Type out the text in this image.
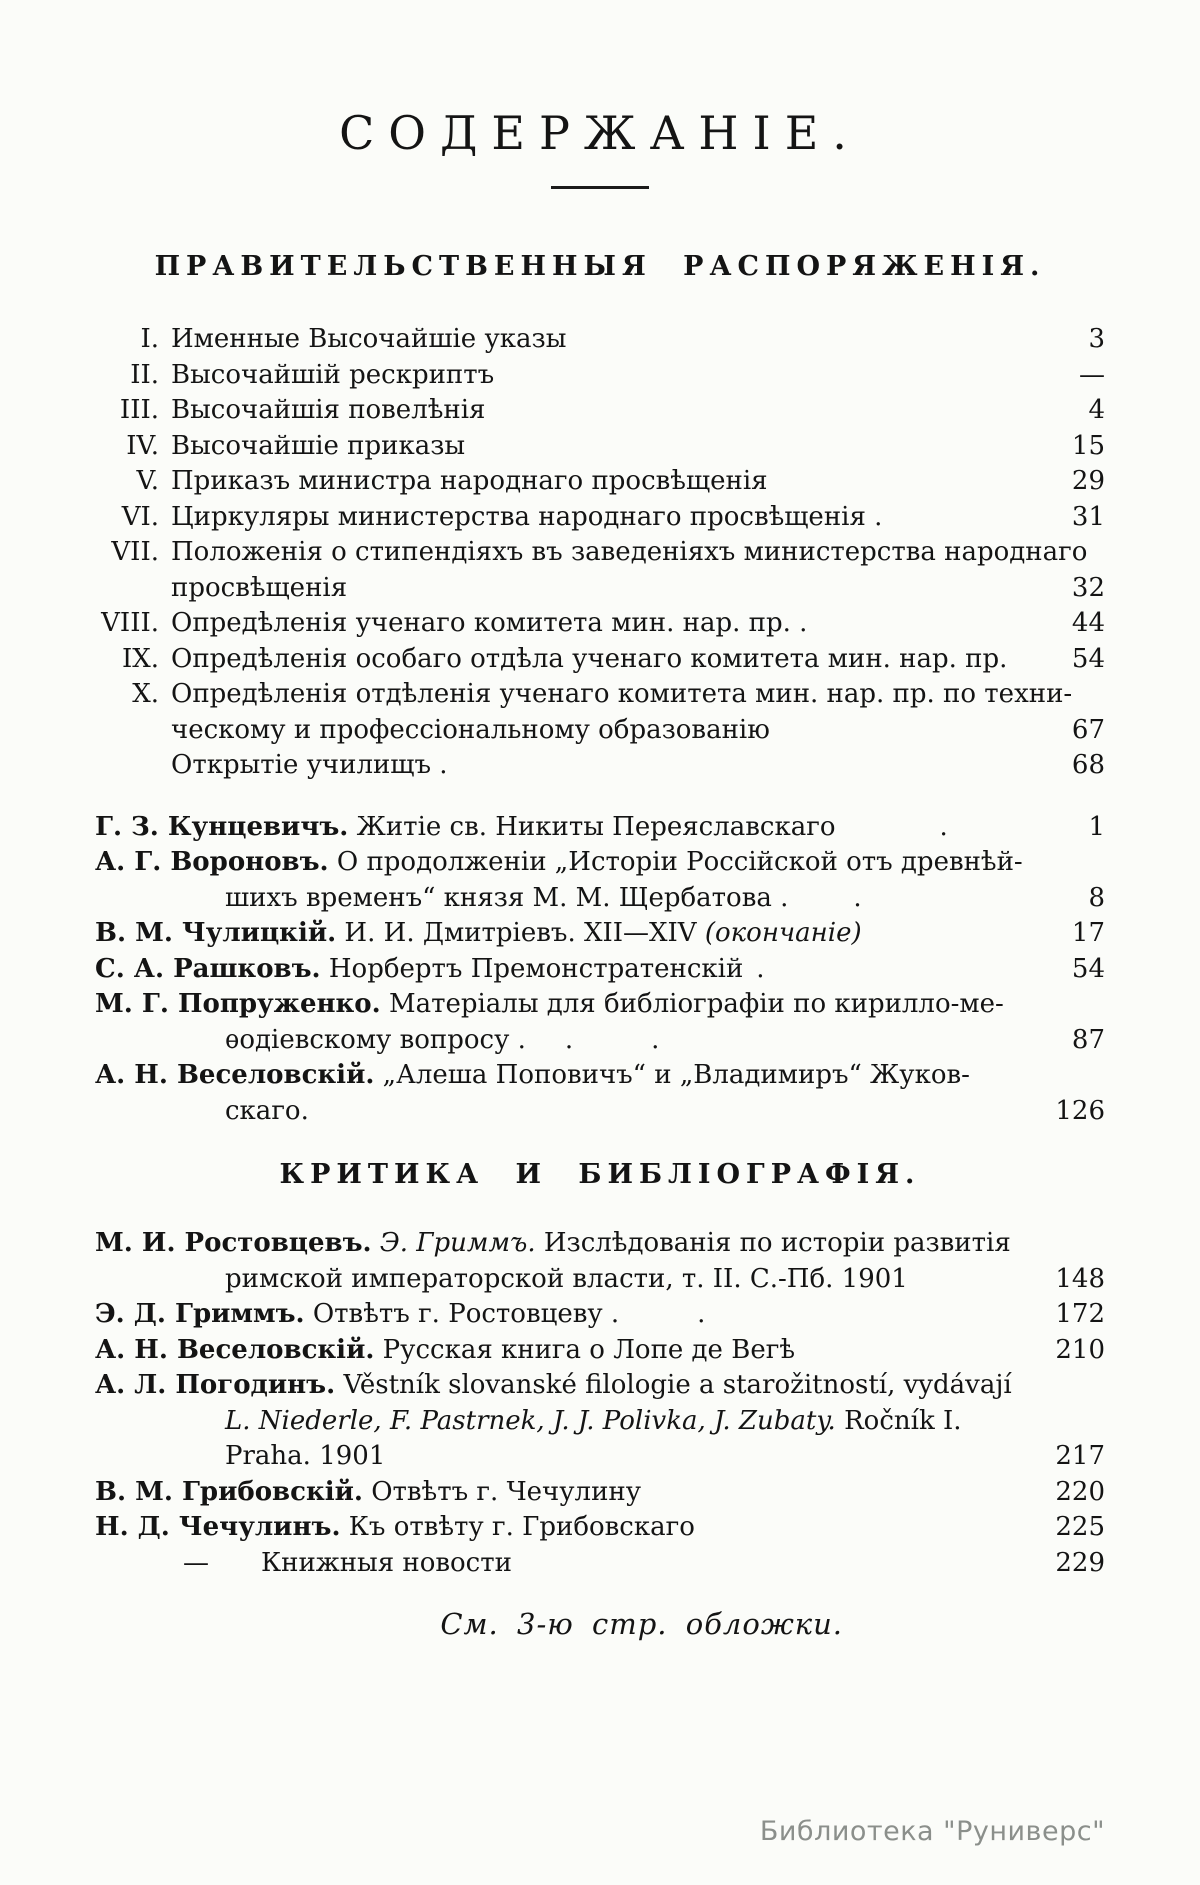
СОДЕРЖАНІЕ.
ПРАВИТЕЛЬСТВЕННЫЯ РАСПОРЯЖЕНІЯ.
I. Именные Высочайшіе указы	3
II. Высочайшій рескриптъ	—
III. Высочайшія повелѣнія	4
IV. Высочайшіе приказы	15
V. Приказъ министра народнаго просвѣщенія	29
VI. Циркуляры министерства народнаго просвѣщенія .	31
VII. Положенія о стипендіяхъ въ заведеніяхъ министерства народнаго
просвѣщенія	32
VIII. Опредѣленія ученаго комитета мин. нар. пр. .	44
IX. Опредѣленія особаго отдѣла ученаго комитета мин. нар. пр.	54
X. Опредѣленія отдѣленія ученаго комитета мин. нар. пр. по техни-
ческому и профессіональному образованію	67
Открытіе училищъ .	68
Г. З. Кунцевичъ. Житіе св. Никиты Переяславскаго    .	1
А. Г. Вороновъ. О продолженіи „Исторіи Россійской отъ древнѣй-
шихъ временъ“ князя М. М. Щербатова .   .	8
В. М. Чулицкій. И. И. Дмитріевъ. XII—XIV (окончаніе)	17
С. А. Рашковъ. Норбертъ Премонстратенскій .	54
М. Г. Попруженко. Матеріалы для библіографіи по кирилло-ме-
ѳодіевскому вопросу .  .    .	87
А. Н. Веселовскій. „Алеша Поповичъ“ и „Владимиръ“ Жуков-
скаго.	126
КРИТИКА И БИБЛІОГРАФІЯ.
М. И. Ростовцевъ. Э. Гриммъ. Изслѣдованія по исторіи развитія
римской императорской власти, т. II. С.-Пб. 1901	148
Э. Д. Гриммъ. Отвѣтъ г. Ростовцеву .   .	172
А. Н. Веселовскій. Русская книга о Лопе де Вегѣ	210
А. Л. Погодинъ. Věstník slovanské filologie a starožitností, vydávají
L. Niederle, F. Pastrnek, J. J. Polivka, J. Zubaty. Ročník I.
Praha. 1901	217
В. М. Грибовскій. Отвѣтъ г. Чечулину	220
Н. Д. Чечулинъ. Къ отвѣту г. Грибовскаго	225
—  Книжныя новости	229
См. 3-ю стр. обложки.
Библиотека "Руниверс"
